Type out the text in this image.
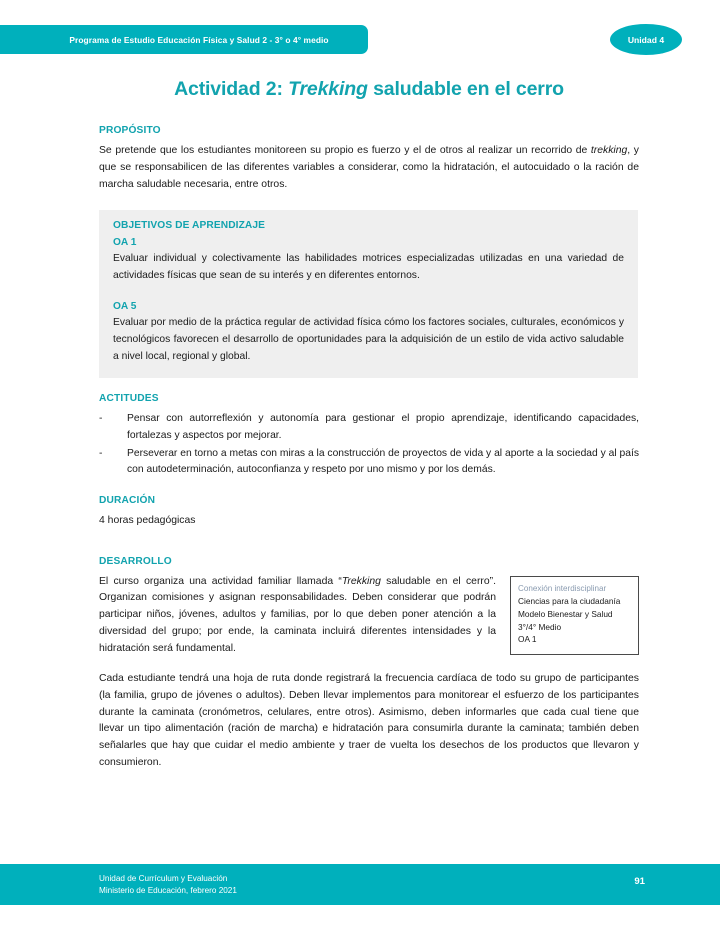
Programa de Estudio Educación Física y Salud 2 - 3° o 4° medio	Unidad 4
Actividad 2: Trekking saludable en el cerro
PROPÓSITO

Se pretende que los estudiantes monitoreen su propio es fuerzo y el de otros al realizar un recorrido de trekking, y que se responsabilicen de las diferentes variables a considerar, como la hidratación, el autocuidado o la ración de marcha saludable necesaria, entre otros.

OBJETIVOS DE APRENDIZAJE
OA 1

Evaluar individual y colectivamente las habilidades motrices especializadas utilizadas en una variedad de actividades físicas que sean de su interés y en diferentes entornos.

OA 5

Evaluar por medio de la práctica regular de actividad física cómo los factores sociales, culturales, económicos y tecnológicos favorecen el desarrollo de oportunidades para la adquisición de un estilo de vida activo saludable a nivel local, regional y global.

ACTITUDES
-	Pensar con autorreflexión y autonomía para gestionar el propio aprendizaje, identificando capacidades, fortalezas y aspectos por mejorar.
-	Perseverar en torno a metas con miras a la construcción de proyectos de vida y al aporte a la sociedad y al país con autodeterminación, autoconfianza y respeto por uno mismo y por los demás.
DURACIÓN

4 horas pedagógicas

DESARROLLO
Conexión interdisciplinar
Ciencias para la ciudadanía
Modelo Bienestar y Salud
3°/4° Medio
OA 1

El curso organiza una actividad familiar llamada “Trekking saludable en el cerro”. Organizan comisiones y asignan responsabilidades. Deben considerar que podrán participar niños, jóvenes, adultos y familias, por lo que deben poner atención a la diversidad del grupo; por ende, la caminata incluirá diferentes intensidades y la hidratación será fundamental.

Cada estudiante tendrá una hoja de ruta donde registrará la frecuencia cardíaca de todo su grupo de participantes (la familia, grupo de jóvenes o adultos). Deben llevar implementos para monitorear el esfuerzo de los participantes durante la caminata (cronómetros, celulares, entre otros). Asimismo, deben informarles que cada cual tiene que llevar un tipo alimentación (ración de marcha) e hidratación para consumirla durante la caminata; también deben señalarles que hay que cuidar el medio ambiente y traer de vuelta los desechos de los productos que llevaron y consumieron.

Unidad de Currículum y Evaluación
Ministerio de Educación, febrero 2021
91
